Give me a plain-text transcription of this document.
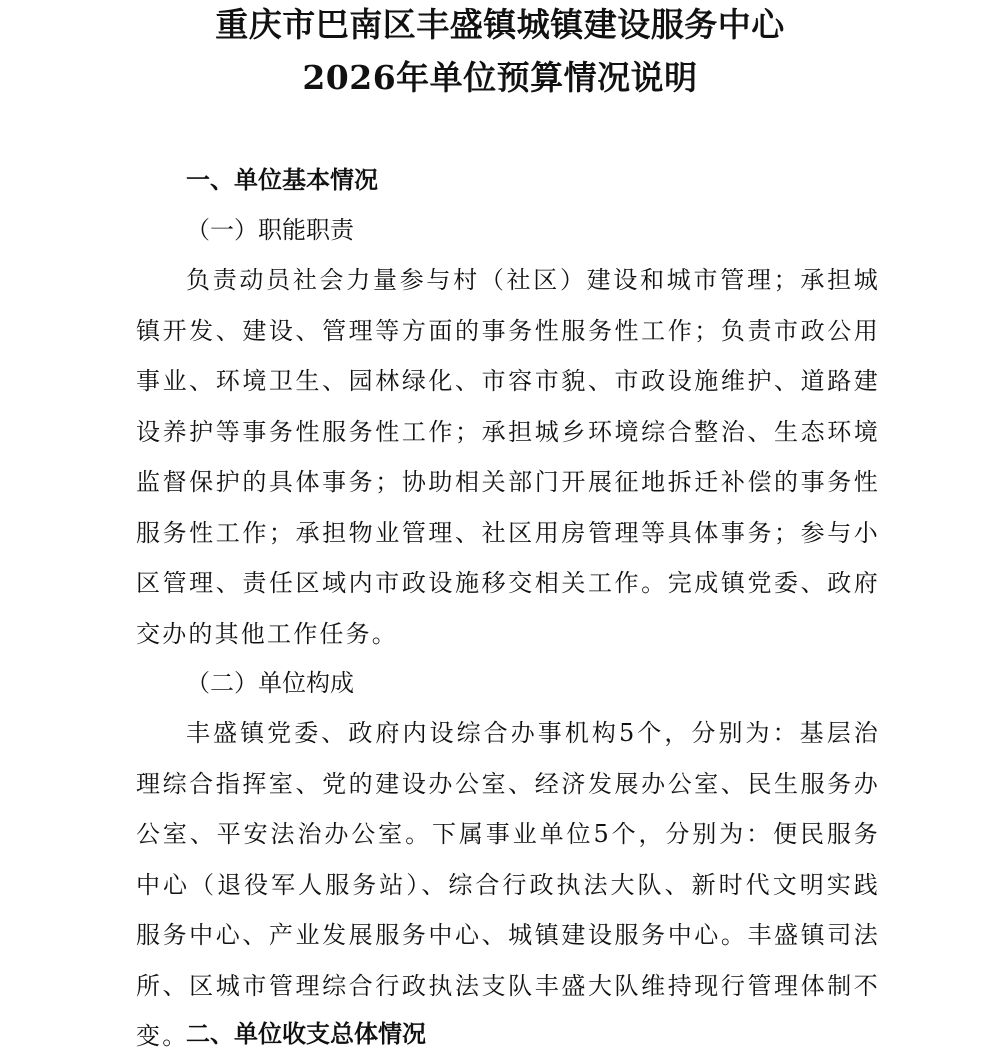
重庆市巴南区丰盛镇城镇建设服务中心
2026年单位预算情况说明
一、单位基本情况
（一）职能职责

负责动员社会力量参与村（社区）建设和城市管理；承担城镇开发、建设、管理等方面的事务性服务性工作；负责市政公用事业、环境卫生、园林绿化、市容市貌、市政设施维护、道路建设养护等事务性服务性工作；承担城乡环境综合整治、生态环境监督保护的具体事务；协助相关部门开展征地拆迁补偿的事务性服务性工作；承担物业管理、社区用房管理等具体事务；参与小区管理、责任区域内市政设施移交相关工作。完成镇党委、政府交办的其他工作任务。

（二）单位构成

丰盛镇党委、政府内设综合办事机构5个，分别为：基层治理综合指挥室、党的建设办公室、经济发展办公室、民生服务办公室、平安法治办公室。下属事业单位5个，分别为：便民服务中心（退役军人服务站）、综合行政执法大队、新时代文明实践服务中心、产业发展服务中心、城镇建设服务中心。丰盛镇司法所、区城市管理综合行政执法支队丰盛大队维持现行管理体制不变。

二、单位收支总体情况
